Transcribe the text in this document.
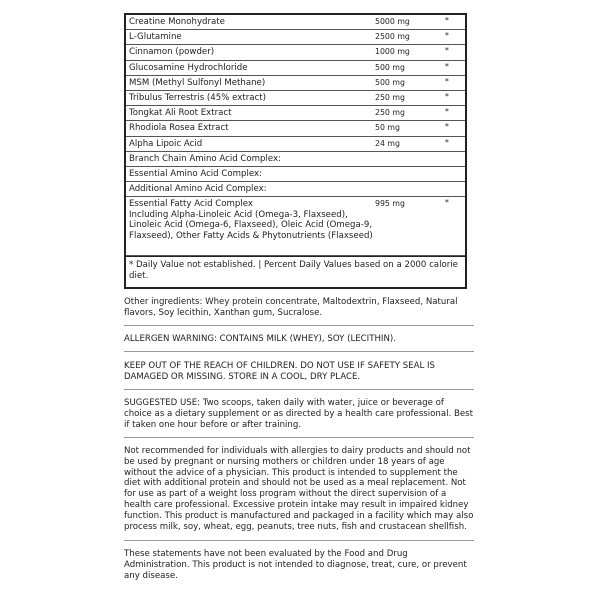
Creatine Monohydrate	5000 mg	*
L-Glutamine	2500 mg	*
Cinnamon (powder)	1000 mg	*
Glucosamine Hydrochloride	500 mg	*
MSM (Methyl Sulfonyl Methane)	500 mg	*
Tribulus Terrestris (45% extract)	250 mg	*
Tongkat Ali Root Extract	250 mg	*
Rhodiola Rosea Extract	50 mg	*
Alpha Lipoic Acid	24 mg	*
Branch Chain Amino Acid Complex:
Essential Amino Acid Complex:
Additional Amino Acid Complex:
Essential Fatty Acid Complex
Including Alpha-Linoleic Acid (Omega-3, Flaxseed), Linoleic Acid (Omega-6, Flaxseed), Oleic Acid (Omega-9, Flaxseed), Other Fatty Acids & Phytonutrients (Flaxseed)
995 mg	*
* Daily Value not established. | Percent Daily Values based on a 2000 calorie diet.
Other ingredients: Whey protein concentrate, Maltodextrin, Flaxseed, Natural flavors, Soy lecithin, Xanthan gum, Sucralose.
ALLERGEN WARNING: CONTAINS MILK (WHEY), SOY (LECITHIN).
KEEP OUT OF THE REACH OF CHILDREN. DO NOT USE IF SAFETY SEAL IS DAMAGED OR MISSING. STORE IN A COOL, DRY PLACE.
SUGGESTED USE: Two scoops, taken daily with water, juice or beverage of choice as a dietary supplement or as directed by a health care professional. Best if taken one hour before or after training.
Not recommended for individuals with allergies to dairy products and should not be used by pregnant or nursing mothers or children under 18 years of age without the advice of a physician. This product is intended to supplement the diet with additional protein and should not be used as a meal replacement. Not for use as part of a weight loss program without the direct supervision of a health care professional. Excessive protein intake may result in impaired kidney function. This product is manufactured and packaged in a facility which may also process milk, soy, wheat, egg, peanuts, tree nuts, fish and crustacean shellfish.
These statements have not been evaluated by the Food and Drug Administration. This product is not intended to diagnose, treat, cure, or prevent any disease.
